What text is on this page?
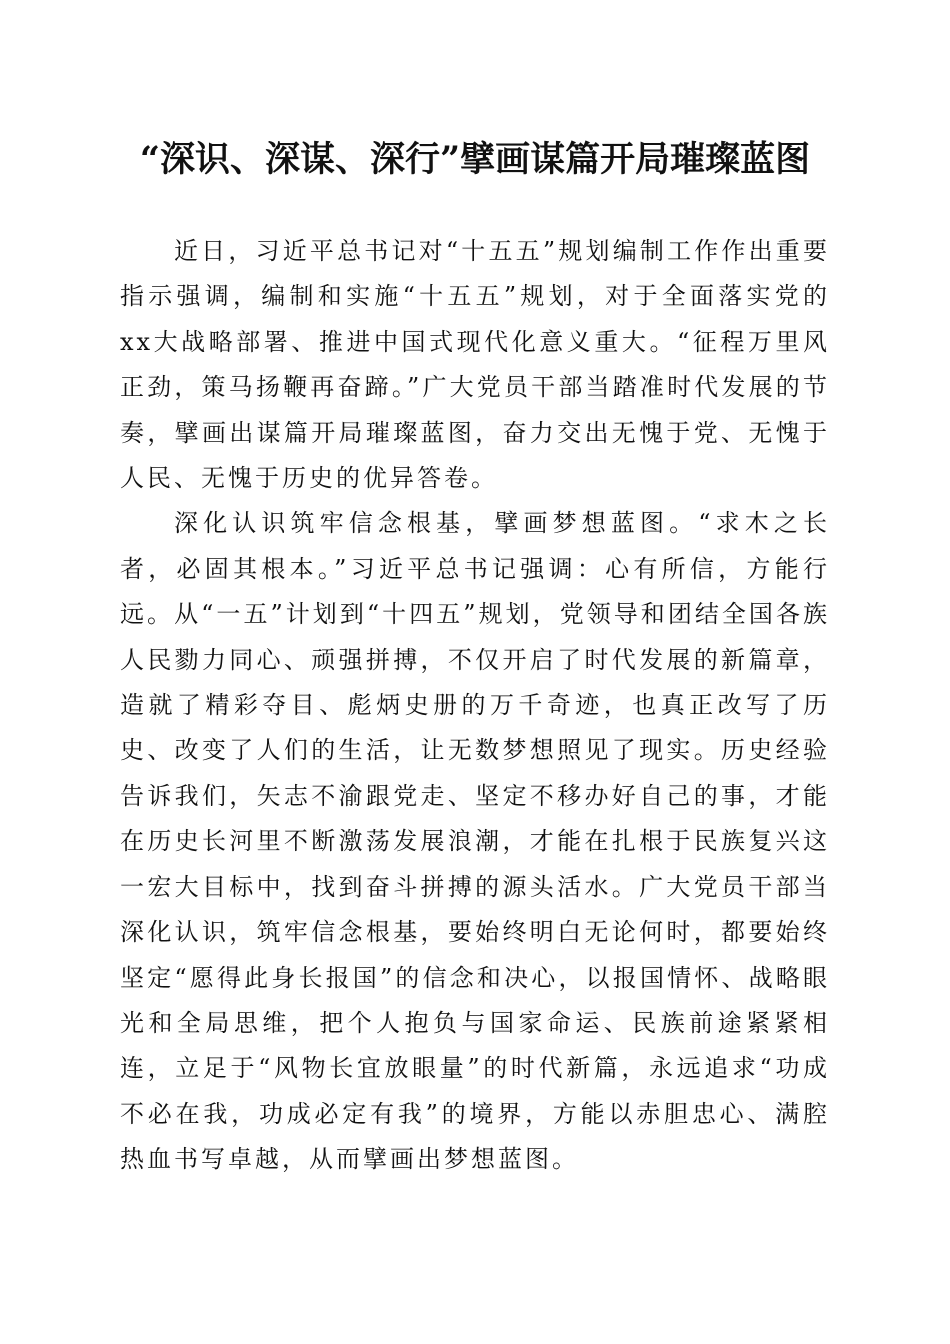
“深识、深谋、深行”擘画谋篇开局璀璨蓝图

近日，习近平总书记对“十五五”规划编制工作作出重要指示强调，编制和实施“十五五”规划，对于全面落实党的xx大战略部署、推进中国式现代化意义重大。“征程万里风正劲，策马扬鞭再奋蹄。”广大党员干部当踏准时代发展的节奏，擘画出谋篇开局璀璨蓝图，奋力交出无愧于党、无愧于人民、无愧于历史的优异答卷。

深化认识筑牢信念根基，擘画梦想蓝图。“求木之长者，必固其根本。”习近平总书记强调：心有所信，方能行远。从“一五”计划到“十四五”规划，党领导和团结全国各族人民勠力同心、顽强拼搏，不仅开启了时代发展的新篇章，造就了精彩夺目、彪炳史册的万千奇迹，也真正改写了历史、改变了人们的生活，让无数梦想照见了现实。历史经验告诉我们，矢志不渝跟党走、坚定不移办好自己的事，才能在历史长河里不断激荡发展浪潮，才能在扎根于民族复兴这一宏大目标中，找到奋斗拼搏的源头活水。广大党员干部当深化认识，筑牢信念根基，要始终明白无论何时，都要始终坚定“愿得此身长报国”的信念和决心，以报国情怀、战略眼光和全局思维，把个人抱负与国家命运、民族前途紧紧相连，立足于“风物长宜放眼量”的时代新篇，永远追求“功成不必在我，功成必定有我”的境界，方能以赤胆忠心、满腔热血书写卓越，从而擘画出梦想蓝图。
